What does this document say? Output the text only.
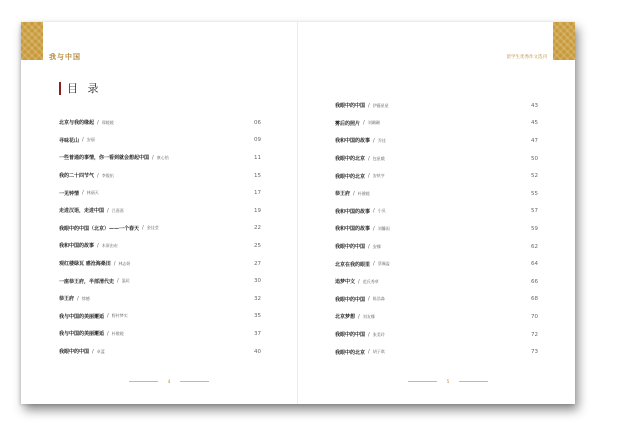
我与中国
目 录
北京与我的缘起 / 郑媛媛	06
寻味花山 / 安丽	09
一些普通的事情，你一看到就会想起中国 / 康心怡	11
我的二十四节气 / 李俊佑	15
一见钟情 / 林丽天	17
走进汉语，走进中国 / 吕嘉嘉	19
我眼中的中国（北京）——一个春天 / 金佳莹	22
我和中国的故事 / 木原由布	25
观红楼绿瓦 感沧海桑田 / 林志妍	27
一座恭王府，半部清代史 / 温玧	30
恭王府 / 徐德	32
我与中国的美丽邂逅 / 野村梦实	35
我与中国的美丽邂逅 / 朴敬媛	37
我眼中的中国 / 卓蓝	40
4
留学生优秀作文选刊
我眼中的中国 / 伊藤星星	43
雾后的照片 / 刘珊珊	45
我和中国的故事 / 乔佳	47
我眼中的北京 / 包星娥	50
我眼中的北京 / 安炫亨	52
恭王府 / 朴健媛	55
我和中国的故事 / 小贝	57
我和中国的故事 / 刘馨雨	59
我眼中的中国 / 安娜	62
北京在我的眼里 / 蔡佩盈	64
追梦中文 / 范氏秀草	66
我眼中的中国 / 陈浩淼	68
北京梦想 / 刘友娜	70
我眼中的中国 / 张美玲	72
我眼中的北京 / 胡子琪	73
5
